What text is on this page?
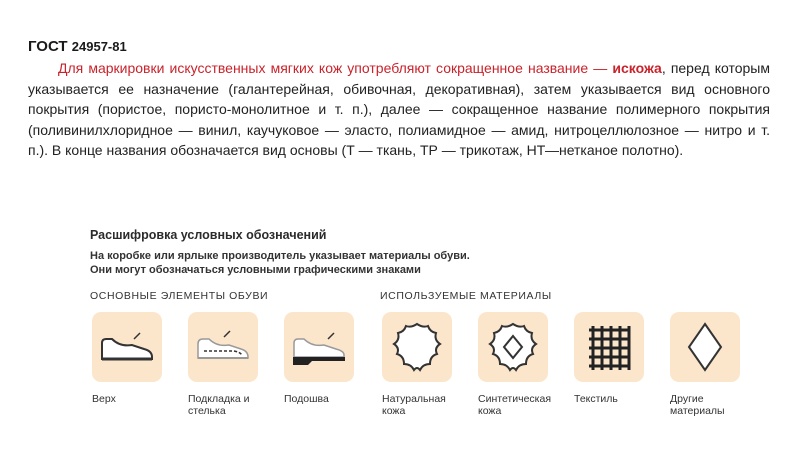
ГОСТ 24957-81
Для маркировки искусственных мягких кож употребляют сокращенное название — искожа, перед которым указывается ее назначение (галантерейная, обивочная, декоративная), затем указывается вид основного покрытия (пористое, пористо-монолитное и т. п.), далее — сокращенное название полимерного покрытия (поливинилхлоридное — винил, каучуковое — эласто, полиамидное — амид, нитроцеллюлозное — нитро и т. п.). В конце названия обозначается вид основы (Т — ткань, ТР — трикотаж, НТ—нетканое полотно).
Расшифровка условных обозначений
На коробке или ярлыке производитель указывает материалы обуви.
Они могут обозначаться условными графическими знаками
ОСНОВНЫЕ ЭЛЕМЕНТЫ ОБУВИ	ИСПОЛЬЗУЕМЫЕ МАТЕРИАЛЫ
Верх	Подкладка и стелька
Подошва	Натуральная кожа
Синтетическая кожа
Текстиль	Другие материалы
